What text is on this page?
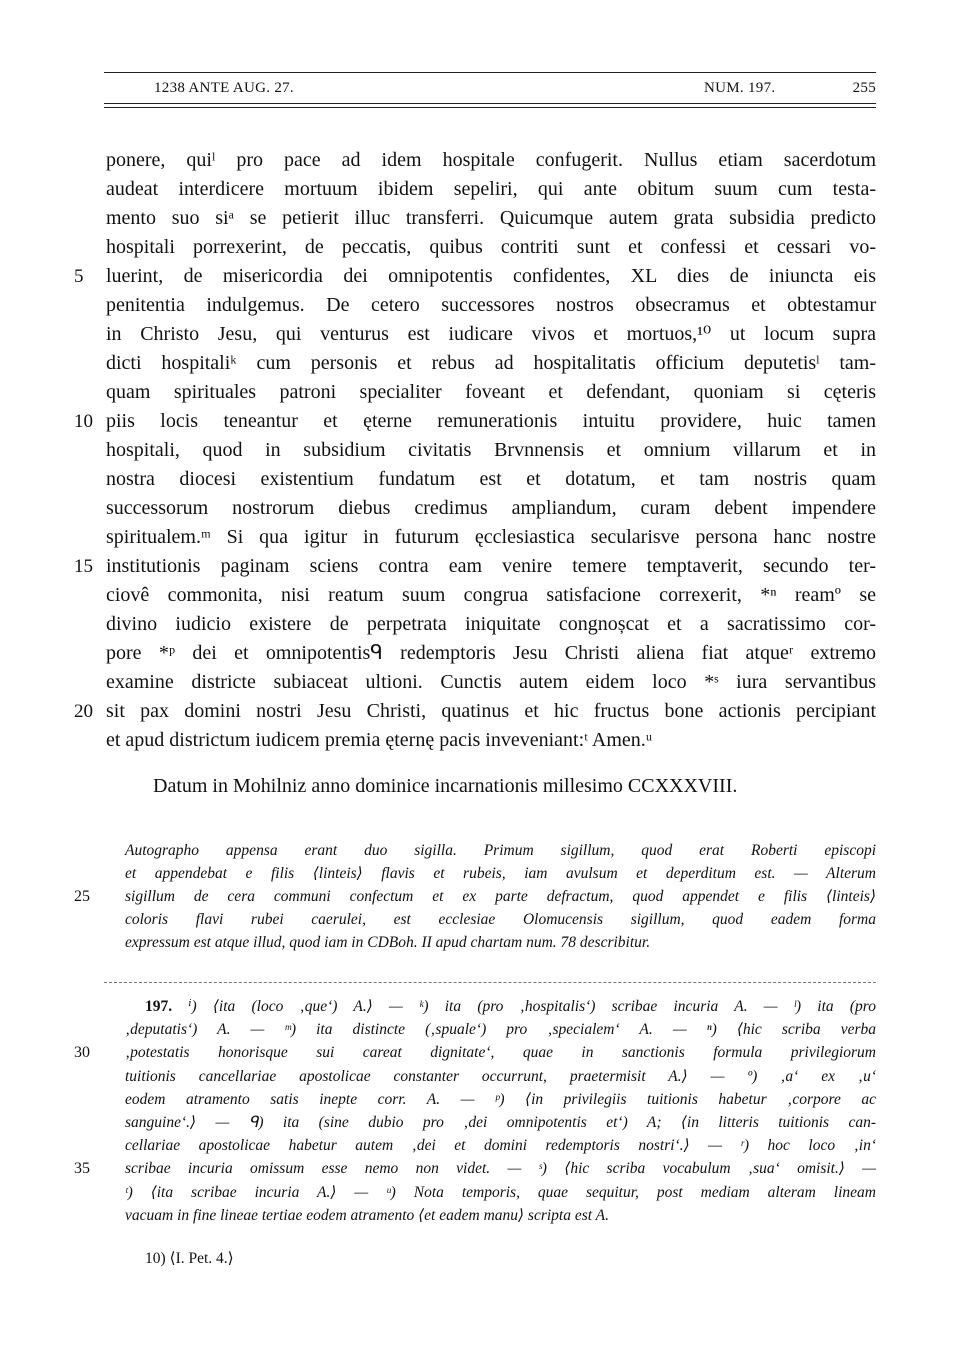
1238 ANTE AUG. 27.	NUM. 197.	255
ponere, quiˡ pro pace ad idem hospitale confugerit. Nullus etiam sacerdotum
audeat interdicere mortuum ibidem sepeliri, qui ante obitum suum cum testa-
mento suo siᵃ se petierit illuc transferri. Quicumque autem grata subsidia predicto
hospitali porrexerint, de peccatis, quibus contriti sunt et confessi et cessari vo-
luerint, de misericordia dei omnipotentis confidentes, XL dies de iniuncta eis
penitentia indulgemus. De cetero successores nostros obsecramus et obtestamur
in Christo Jesu, qui venturus est iudicare vivos et mortuos,¹⁰ ut locum supra
dicti hospitaliᵏ cum personis et rebus ad hospitalitatis officium deputetisˡ tam-
quam spirituales patroni specialiter foveant et defendant, quoniam si cęteris
piis locis teneantur et ęterne remunerationis intuitu providere, huic tamen
hospitali, quod in subsidium civitatis Brvnnensis et omnium villarum et in
nostra diocesi existentium fundatum est et dotatum, et tam nostris quam
successorum nostrorum diebus credimus ampliandum, curam debent impendere
spiritualem.ᵐ Si qua igitur in futurum ęcclesiastica secularisve persona hanc nostre
institutionis paginam sciens contra eam venire temere temptaverit, secundo ter-
ciovê commonita, nisi reatum suum congrua satisfacione correxerit, *ⁿ reamº se
divino iudicio existere de perpetrata iniquitate congnoșcat et a sacratissimo cor-
pore *ᵖ dei et omnipotentisᑫ redemptoris Jesu Christi aliena fiat atqueʳ extremo
examine districte subiaceat ultioni. Cunctis autem eidem loco *ˢ iura servantibus
sit pax domini nostri Jesu Christi, quatinus et hic fructus bone actionis percipiant
et apud districtum iudicem premia ęternę pacis inveveniant:ᵗ Amen.ᵘ
Datum in Mohilniz anno dominice incarnationis millesimo CCXXXVIII.
5
10
15
20
Autographo appensa erant duo sigilla. Primum sigillum, quod erat Roberti episcopi
et appendebat e filis ⟨linteis⟩ flavis et rubeis, iam avulsum et deperditum est. — Alterum
sigillum de cera communi confectum et ex parte defractum, quod appendet e filis ⟨linteis⟩
coloris flavi rubei caerulei, est ecclesiae Olomucensis sigillum, quod eadem forma
expressum est atque illud, quod iam in CDBoh. II apud chartam num. 78 describitur.
25
197. ⁱ) ⟨ita (loco ‚que‘) A.⟩ — ᵏ) ita (pro ‚hospitalis‘) scribae incuria A. — ˡ) ita (pro
‚deputatis‘) A. — ᵐ) ita distincte (‚spuale‘) pro ‚specialem‘ A. — ⁿ) ⟨hic scriba verba
‚potestatis honorisque sui careat dignitate‘, quae in sanctionis formula privilegiorum
tuitionis cancellariae apostolicae constanter occurrunt, praetermisit A.⟩ — º) ‚a‘ ex ‚u‘
eodem atramento satis inepte corr. A. — ᵖ) ⟨in privilegiis tuitionis habetur ‚corpore ac
sanguine‘.⟩ — ᑫ) ita (sine dubio pro ‚dei omnipotentis et‘) A; ⟨in litteris tuitionis can-
cellariae apostolicae habetur autem ‚dei et domini redemptoris nostri‘.⟩ — ʳ) hoc loco ‚in‘
scribae incuria omissum esse nemo non videt. — ˢ) ⟨hic scriba vocabulum ‚sua‘ omisit.⟩ —
ᵗ) ⟨ita scribae incuria A.⟩ — ᵘ) Nota temporis, quae sequitur, post mediam alteram lineam
vacuam in fine lineae tertiae eodem atramento ⟨et eadem manu⟩ scripta est A.
30
35
10) ⟨I. Pet. 4.⟩
